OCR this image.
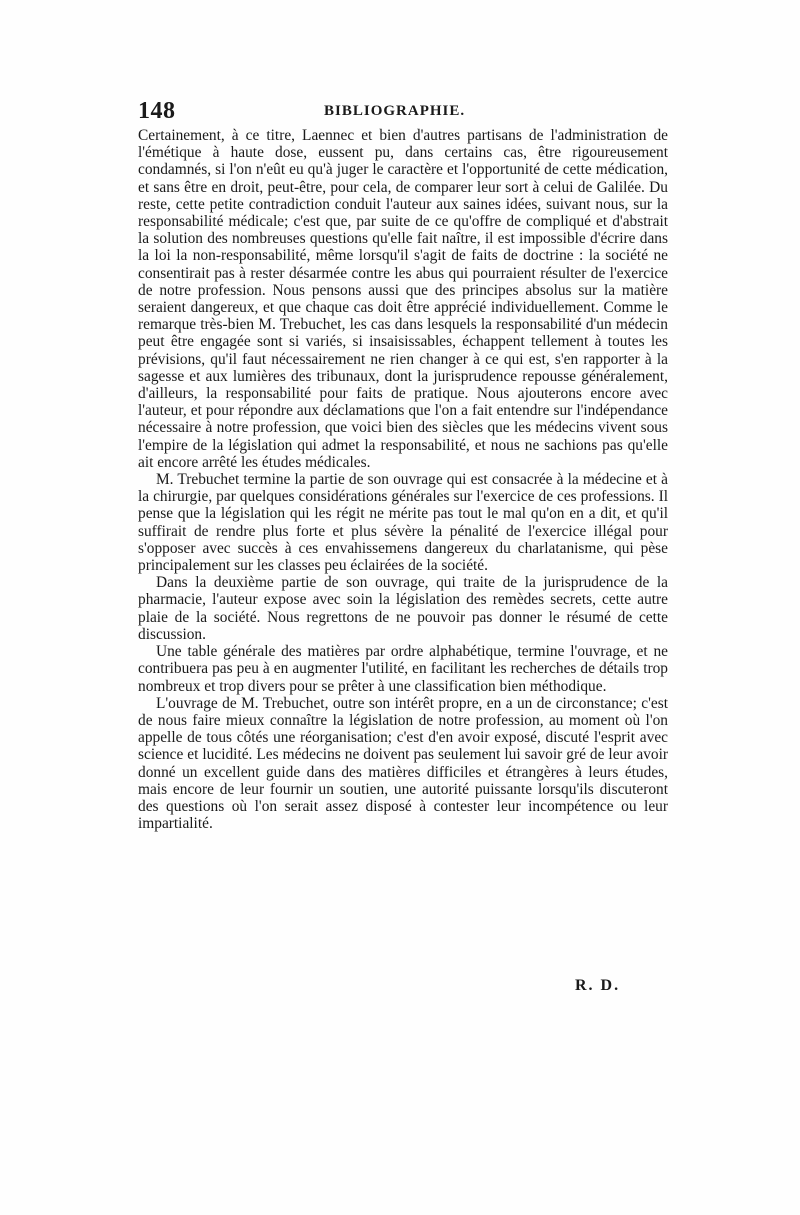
148	BIBLIOGRAPHIE.

Certainement, à ce titre, Laennec et bien d'autres partisans de l'administration de l'émétique à haute dose, eussent pu, dans certains cas, être rigoureusement condamnés, si l'on n'eût eu qu'à juger le caractère et l'opportunité de cette médication, et sans être en droit, peut-être, pour cela, de comparer leur sort à celui de Galilée. Du reste, cette petite contradiction conduit l'auteur aux saines idées, suivant nous, sur la responsabilité médicale; c'est que, par suite de ce qu'offre de compliqué et d'abstrait la solution des nombreuses questions qu'elle fait naître, il est impossible d'écrire dans la loi la non-responsabilité, même lorsqu'il s'agit de faits de doctrine : la société ne consentirait pas à rester désarmée contre les abus qui pourraient résulter de l'exercice de notre profession. Nous pensons aussi que des principes absolus sur la matière seraient dangereux, et que chaque cas doit être apprécié individuellement. Comme le remarque très-bien M. Trebuchet, les cas dans lesquels la responsabilité d'un médecin peut être engagée sont si variés, si insaisissables, échappent tellement à toutes les prévisions, qu'il faut nécessairement ne rien changer à ce qui est, s'en rapporter à la sagesse et aux lumières des tribunaux, dont la jurisprudence repousse généralement, d'ailleurs, la responsabilité pour faits de pratique. Nous ajouterons encore avec l'auteur, et pour répondre aux déclamations que l'on a fait entendre sur l'indépendance nécessaire à notre profession, que voici bien des siècles que les médecins vivent sous l'empire de la législation qui admet la responsabilité, et nous ne sachions pas qu'elle ait encore arrêté les études médicales.

M. Trebuchet termine la partie de son ouvrage qui est consacrée à la médecine et à la chirurgie, par quelques considérations générales sur l'exercice de ces professions. Il pense que la législation qui les régit ne mérite pas tout le mal qu'on en a dit, et qu'il suffirait de rendre plus forte et plus sévère la pénalité de l'exercice illégal pour s'opposer avec succès à ces envahissemens dangereux du charlatanisme, qui pèse principalement sur les classes peu éclairées de la société.

Dans la deuxième partie de son ouvrage, qui traite de la jurisprudence de la pharmacie, l'auteur expose avec soin la législation des remèdes secrets, cette autre plaie de la société. Nous regrettons de ne pouvoir pas donner le résumé de cette discussion.

Une table générale des matières par ordre alphabétique, termine l'ouvrage, et ne contribuera pas peu à en augmenter l'utilité, en facilitant les recherches de détails trop nombreux et trop divers pour se prêter à une classification bien méthodique.

L'ouvrage de M. Trebuchet, outre son intérêt propre, en a un de circonstance; c'est de nous faire mieux connaître la législation de notre profession, au moment où l'on appelle de tous côtés une réorganisation; c'est d'en avoir exposé, discuté l'esprit avec science et lucidité. Les médecins ne doivent pas seulement lui savoir gré de leur avoir donné un excellent guide dans des matières difficiles et étrangères à leurs études, mais encore de leur fournir un soutien, une autorité puissante lorsqu'ils discuteront des questions où l'on serait assez disposé à contester leur incompétence ou leur impartialité.

R. D.
